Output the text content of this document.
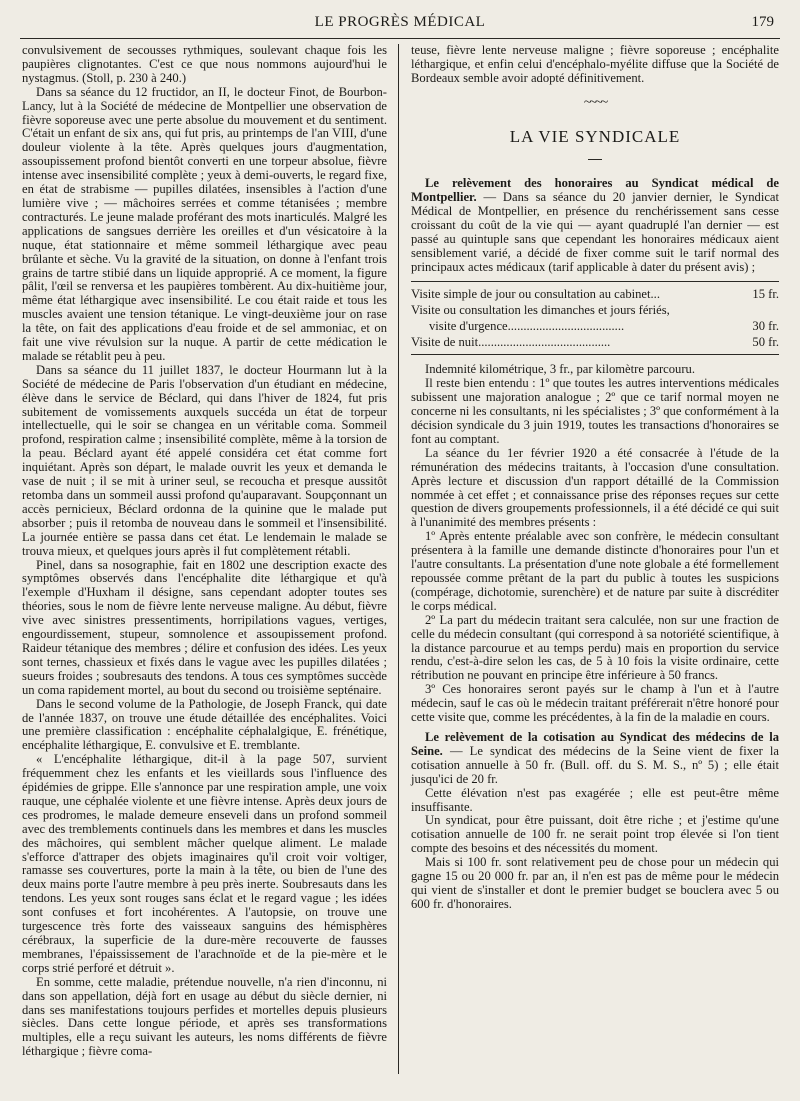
LE PROGRÈS MÉDICAL	179

convulsivement de secousses rythmiques, soulevant chaque fois les paupières clignotantes. C'est ce que nous nommons aujourd'hui le nystagmus. (Stoll, p. 230 à 240.)

Dans sa séance du 12 fructidor, an II, le docteur Finot, de Bourbon-Lancy, lut à la Société de médecine de Montpellier une observation de fièvre soporeuse avec une perte absolue du mouvement et du sentiment. C'était un enfant de six ans, qui fut pris, au printemps de l'an VIII, d'une douleur violente à la tête. Après quelques jours d'augmentation, assoupissement profond bientôt converti en une torpeur absolue, fièvre intense avec insensibilité complète ; yeux à demi-ouverts, le regard fixe, en état de strabisme — pupilles dilatées, insensibles à l'action d'une lumière vive ; — mâchoires serrées et comme tétanisées ; membre contracturés. Le jeune malade proférant des mots inarticulés. Malgré les applications de sangsues derrière les oreilles et d'un vésicatoire à la nuque, état stationnaire et même sommeil léthargique avec peau brûlante et sèche. Vu la gravité de la situation, on donne à l'enfant trois grains de tartre stibié dans un liquide approprié. A ce moment, la figure pâlit, l'œil se renversa et les paupières tombèrent. Au dix-huitième jour, même état léthargique avec insensibilité. Le cou était raide et tous les muscles avaient une tension tétanique. Le vingt-deuxième jour on rase la tête, on fait des applications d'eau froide et de sel ammoniac, et on fait une vive révulsion sur la nuque. A partir de cette médication le malade se rétablit peu à peu.

Dans sa séance du 11 juillet 1837, le docteur Hourmann lut à la Société de médecine de Paris l'observation d'un étudiant en médecine, élève dans le service de Béclard, qui dans l'hiver de 1824, fut pris subitement de vomissements auxquels succéda un état de torpeur intellectuelle, qui le soir se changea en un véritable coma. Sommeil profond, respiration calme ; insensibilité complète, même à la torsion de la peau. Béclard ayant été appelé considéra cet état comme fort inquiétant. Après son départ, le malade ouvrit les yeux et demanda le vase de nuit ; il se mit à uriner seul, se recoucha et presque aussitôt retomba dans un sommeil aussi profond qu'auparavant. Soupçonnant un accès pernicieux, Béclard ordonna de la quinine que le malade put absorber ; puis il retomba de nouveau dans le sommeil et l'insensibilité. La journée entière se passa dans cet état. Le lendemain le malade se trouva mieux, et quelques jours après il fut complètement rétabli.

Pinel, dans sa nosographie, fait en 1802 une description exacte des symptômes observés dans l'encéphalite dite léthargique et qu'à l'exemple d'Huxham il désigne, sans cependant adopter toutes ses théories, sous le nom de fièvre lente nerveuse maligne. Au début, fièvre vive avec sinistres pressentiments, horripilations vagues, vertiges, engourdissement, stupeur, somnolence et assoupissement profond. Raideur tétanique des membres ; délire et confusion des idées. Les yeux sont ternes, chassieux et fixés dans le vague avec les pupilles dilatées ; sueurs froides ; soubresauts des tendons. A tous ces symptômes succède un coma rapidement mortel, au bout du second ou troisième septénaire.

Dans le second volume de la Pathologie, de Joseph Franck, qui date de l'année 1837, on trouve une étude détaillée des encéphalites. Voici une première classification : encéphalite céphalalgique, E. frénétique, encéphalite léthargique, E. convulsive et E. tremblante.

« L'encéphalite léthargique, dit-il à la page 507, survient fréquemment chez les enfants et les vieillards sous l'influence des épidémies de grippe. Elle s'annonce par une respiration ample, une voix rauque, une céphalée violente et une fièvre intense. Après deux jours de ces prodromes, le malade demeure enseveli dans un profond sommeil avec des tremblements continuels dans les membres et dans les muscles des mâchoires, qui semblent mâcher quelque aliment. Le malade s'efforce d'attraper des objets imaginaires qu'il croit voir voltiger, ramasse ses couvertures, porte la main à la tête, ou bien de l'une des deux mains porte l'autre membre à peu près inerte. Soubresauts dans les tendons. Les yeux sont rouges sans éclat et le regard vague ; les idées sont confuses et fort incohérentes. A l'autopsie, on trouve une turgescence très forte des vaisseaux sanguins des hémisphères cérébraux, la superficie de la dure-mère recouverte de fausses membranes, l'épaississement de l'arachnoïde et de la pie-mère et le corps strié perforé et détruit ».

En somme, cette maladie, prétendue nouvelle, n'a rien d'inconnu, ni dans son appellation, déjà fort en usage au début du siècle dernier, ni dans ses manifestations toujours perfides et mortelles depuis plusieurs siècles. Dans cette longue période, et après ses transformations multiples, elle a reçu suivant les auteurs, les noms différents de fièvre léthargique ; fièvre coma-

teuse, fièvre lente nerveuse maligne ; fièvre soporeuse ; encéphalite léthargique, et enfin celui d'encéphalo-myélite diffuse que la Société de Bordeaux semble avoir adopté définitivement.

~~~~
LA VIE SYNDICALE

Le relèvement des honoraires au Syndicat médical de Montpellier. — Dans sa séance du 20 janvier dernier, le Syndicat Médical de Montpellier, en présence du renchérissement sans cesse croissant du coût de la vie qui — ayant quadruplé l'an dernier — est passé au quintuple sans que cependant les honoraires médicaux aient sensiblement varié, a décidé de fixer comme suit le tarif normal des principaux actes médicaux (tarif applicable à dater du présent avis) ;

Visite simple de jour ou consultation au cabinet...	15 fr.
Visite ou consultation les dimanches et jours fériés,	
visite d'urgence.....................................	30 fr.
Visite de nuit..........................................	50 fr.

Indemnité kilométrique, 3 fr., par kilomètre parcouru.

Il reste bien entendu : 1º que toutes les autres interventions médicales subissent une majoration analogue ; 2º que ce tarif normal moyen ne concerne ni les consultants, ni les spécialistes ; 3º que conformément à la décision syndicale du 3 juin 1919, toutes les transactions d'honoraires se font au comptant.

La séance du 1er février 1920 a été consacrée à l'étude de la rémunération des médecins traitants, à l'occasion d'une consultation. Après lecture et discussion d'un rapport détaillé de la Commission nommée à cet effet ; et connaissance prise des réponses reçues sur cette question de divers groupements professionnels, il a été décidé ce qui suit à l'unanimité des membres présents :

1º Après entente préalable avec son confrère, le médecin consultant présentera à la famille une demande distincte d'honoraires pour l'un et l'autre consultants. La présentation d'une note globale a été formellement repoussée comme prêtant de la part du public à toutes les suspicions (compérage, dichotomie, surenchère) et de nature par suite à discréditer le corps médical.

2º La part du médecin traitant sera calculée, non sur une fraction de celle du médecin consultant (qui correspond à sa notoriété scientifique, à la distance parcourue et au temps perdu) mais en proportion du service rendu, c'est-à-dire selon les cas, de 5 à 10 fois la visite ordinaire, cette rétribution ne pouvant en principe être inférieure à 50 francs.

3º Ces honoraires seront payés sur le champ à l'un et à l'autre médecin, sauf le cas où le médecin traitant préférerait n'être honoré pour cette visite que, comme les précédentes, à la fin de la maladie en cours.

Le relèvement de la cotisation au Syndicat des médecins de la Seine. — Le syndicat des médecins de la Seine vient de fixer la cotisation annuelle à 50 fr. (Bull. off. du S. M. S., nº 5) ; elle était jusqu'ici de 20 fr.

Cette élévation n'est pas exagérée ; elle est peut-être même insuffisante.

Un syndicat, pour être puissant, doit être riche ; et j'estime qu'une cotisation annuelle de 100 fr. ne serait point trop élevée si l'on tient compte des besoins et des nécessités du moment.

Mais si 100 fr. sont relativement peu de chose pour un médecin qui gagne 15 ou 20 000 fr. par an, il n'en est pas de même pour le médecin qui vient de s'installer et dont le premier budget se bouclera avec 5 ou 600 fr. d'honoraires.
